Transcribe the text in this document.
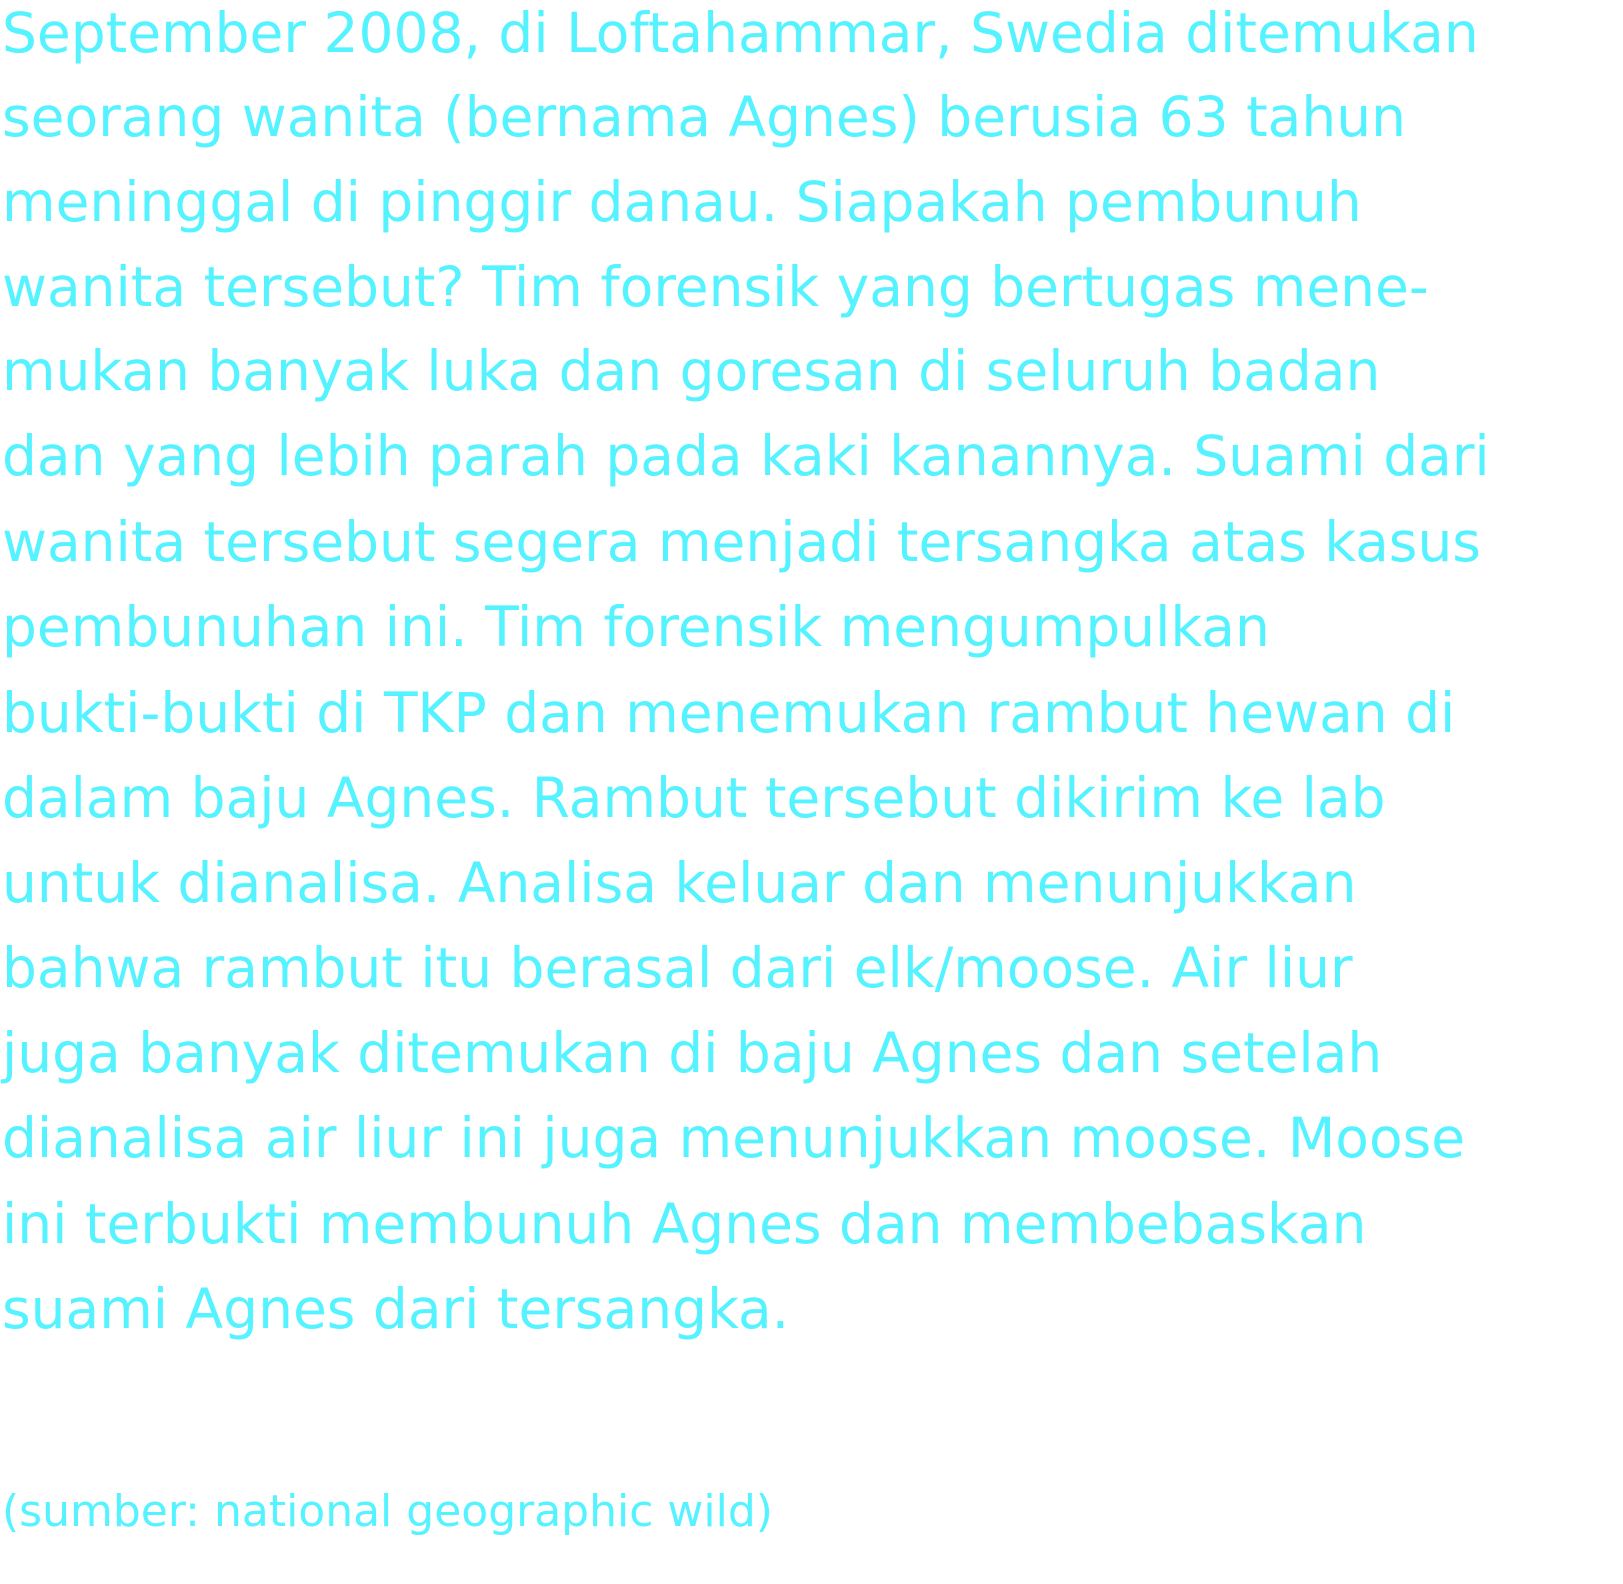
September 2008, di Loftahammar, Swedia ditemukan
seorang wanita (bernama Agnes) berusia 63 tahun
meninggal di pinggir danau. Siapakah pembunuh
wanita tersebut? Tim forensik yang bertugas mene-
mukan banyak luka dan goresan di seluruh badan
dan yang lebih parah pada kaki kanannya. Suami dari
wanita tersebut segera menjadi tersangka atas kasus
pembunuhan ini. Tim forensik mengumpulkan
bukti-bukti di TKP dan menemukan rambut hewan di
dalam baju Agnes. Rambut tersebut dikirim ke lab
untuk dianalisa. Analisa keluar dan menunjukkan
bahwa rambut itu berasal dari elk/moose. Air liur
juga banyak ditemukan di baju Agnes dan setelah
dianalisa air liur ini juga menunjukkan moose. Moose
ini terbukti membunuh Agnes dan membebaskan
suami Agnes dari tersangka.
(sumber: national geographic wild)
